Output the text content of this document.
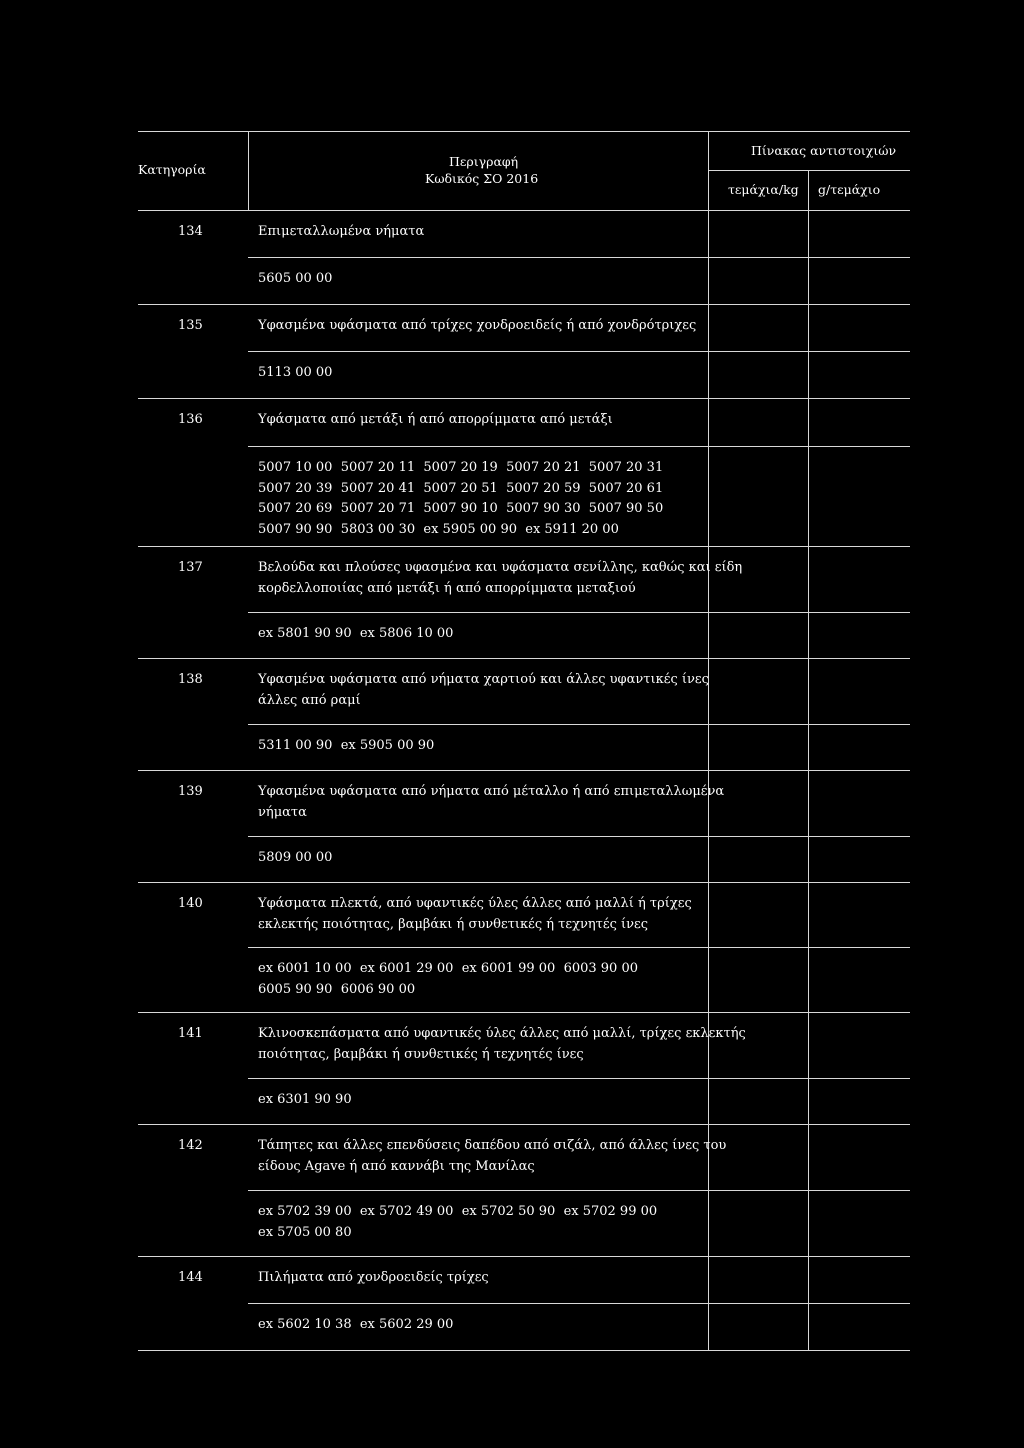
Κατηγορία
Περιγραφή
Κωδικός ΣΟ 2016
Πίνακας αντιστοιχιών
τεμάχια/kg g/τεμάχιο
134	Επιμεταλλωμένα νήματα
5605 00 00
135	Υφασμένα υφάσματα από τρίχες χονδροειδείς ή από χονδρότριχες
5113 00 00
136	Υφάσματα από μετάξι ή από απορρίμματα από μετάξι
5007 10 00  5007 20 11  5007 20 19  5007 20 21  5007 20 31
5007 20 39  5007 20 41  5007 20 51  5007 20 59  5007 20 61
5007 20 69  5007 20 71  5007 90 10  5007 90 30  5007 90 50
5007 90 90  5803 00 30  ex 5905 00 90  ex 5911 20 00
137	Βελούδα και πλούσες υφασμένα και υφάσματα σενίλλης, καθώς και είδη
κορδελλοποιίας από μετάξι ή από απορρίμματα μεταξιού
ex 5801 90 90  ex 5806 10 00
138	Υφασμένα υφάσματα από νήματα χαρτιού και άλλες υφαντικές ίνες
άλλες από ραμί
5311 00 90  ex 5905 00 90
139	Υφασμένα υφάσματα από νήματα από μέταλλο ή από επιμεταλλωμένα
νήματα
5809 00 00
140	Υφάσματα πλεκτά, από υφαντικές ύλες άλλες από μαλλί ή τρίχες
εκλεκτής ποιότητας, βαμβάκι ή συνθετικές ή τεχνητές ίνες
ex 6001 10 00  ex 6001 29 00  ex 6001 99 00  6003 90 00
6005 90 90  6006 90 00
141	Κλινοσκεπάσματα από υφαντικές ύλες άλλες από μαλλί, τρίχες εκλεκτής
ποιότητας, βαμβάκι ή συνθετικές ή τεχνητές ίνες
ex 6301 90 90
142	Τάπητες και άλλες επενδύσεις δαπέδου από σιζάλ, από άλλες ίνες του
είδους Agave ή από καννάβι της Μανίλας
ex 5702 39 00  ex 5702 49 00  ex 5702 50 90  ex 5702 99 00
ex 5705 00 80
144	Πιλήματα από χονδροειδείς τρίχες
ex 5602 10 38  ex 5602 29 00
